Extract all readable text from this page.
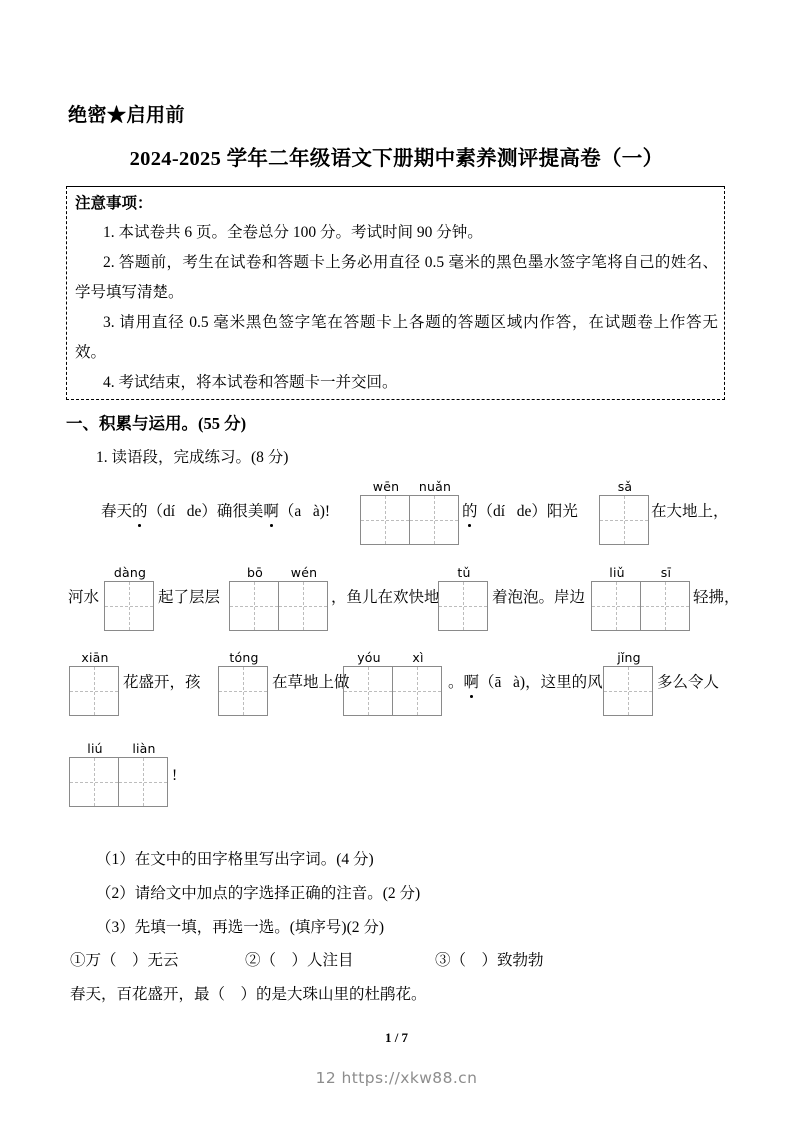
绝密★启用前
2024-2025 学年二年级语文下册期中素养测评提高卷（一）
注意事项：
1. 本试卷共 6 页。全卷总分 100 分。考试时间 90 分钟。
2. 答题前，考生在试卷和答题卡上务必用直径 0.5 毫米的黑色墨水签字笔将自己的姓名、学号填写清楚。
3. 请用直径 0.5 毫米黑色签字笔在答题卡上各题的答题区域内作答，在试题卷上作答无效。
4. 考试结束，将本试卷和答题卡一并交回。
一、积累与运用。(55 分)
1. 读语段，完成练习。(8 分)
春天的（dí   de）确很美啊（a   à)!
wēn	nuǎn
的（dí   de）阳光
sǎ
在大地上，
河水
dàng
起了层层
bō	wén
，鱼儿在欢快地
tǔ
着泡泡。岸边
liǔ	sī
轻拂，
xiān
花盛开，孩
tóng
在草地上做
yóu	xì
。啊（ā   à)，这里的风
jǐng
多么令人
liú	liàn
!
（1）在文中的田字格里写出字词。(4 分)
（2）请给文中加点的字选择正确的注音。(2 分)
（3）先填一填，再选一选。(填序号)(2 分)
①万（    ）无云	②（    ）人注目	③（    ）致勃勃
春天，百花盛开，最（    ）的是大珠山里的杜鹃花。
1 / 7
12 https://xkw88.cn
